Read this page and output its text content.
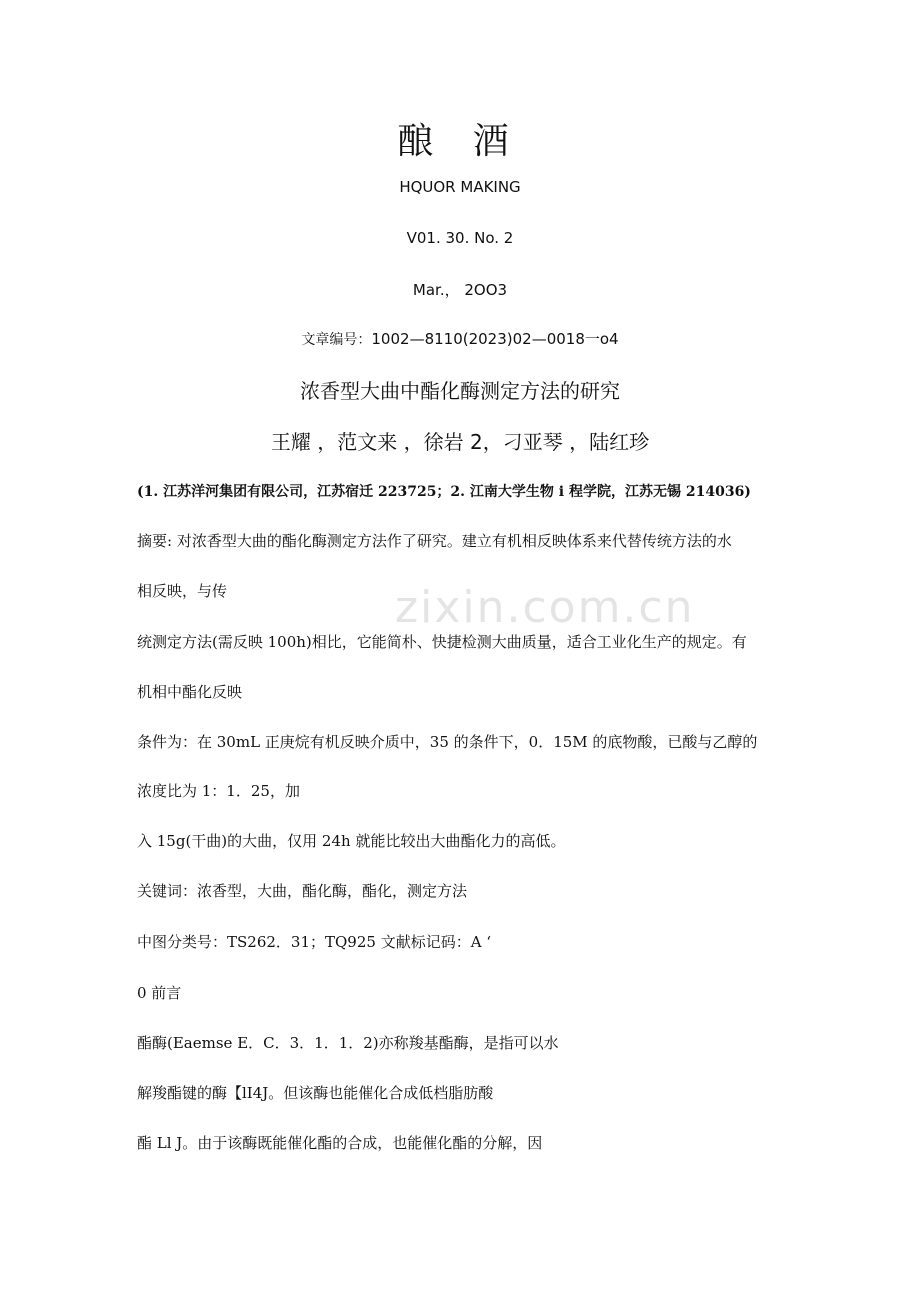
酿 酒
HQUOR MAKING
V01. 30. No. 2
Mar.， 2OO3
文章编号：1002—8110(2023)02—0018一o4
浓香型大曲中酯化酶测定方法的研究
王耀 ，范文来 ，徐岩 2，刁亚琴 ，陆红珍
(1. 江苏洋河集团有限公司，江苏宿迁 223725；2. 江南大学生物 i 程学院，江苏无锡 214036)
zixin.com.cn
摘要: 对浓香型大曲的酯化酶测定方法作了研究。建立有机相反映体系来代替传统方法的水
相反映，与传
统测定方法(需反映 100h)相比，它能简朴、快捷检测大曲质量，适合工业化生产的规定。有
机相中酯化反映
条件为：在 30mL 正庚烷有机反映介质中，35 的条件下，0．15M 的底物酸，已酸与乙醇的
浓度比为 1：1．25，加
入 15g(干曲)的大曲，仅用 24h 就能比较出大曲酯化力的高低。
关键词：浓香型，大曲，酯化酶，酯化，测定方法
中图分类号：TS262．31；TQ925 文献标记码：A ‘
0 前言
酯酶(Eaemse E．C．3．1．1．2)亦称羧基酯酶，是指可以水
解羧酯键的酶【lI4J。但该酶也能催化合成低档脂肪酸
酯 Ll J。由于该酶既能催化酯的合成，也能催化酯的分解，因
